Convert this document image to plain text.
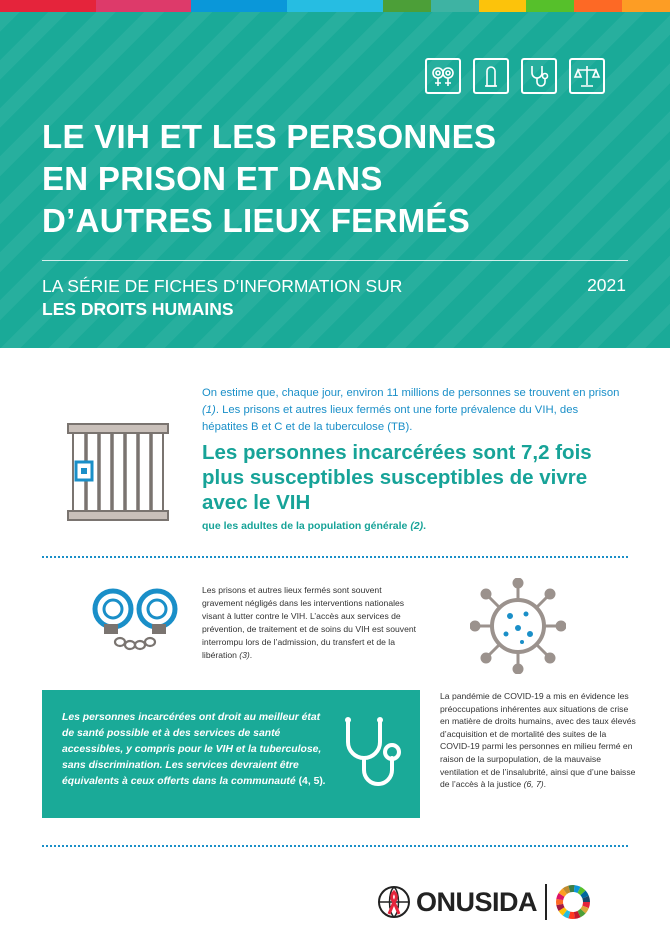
LE VIH ET LES PERSONNES
EN PRISON ET DANS
D’AUTRES LIEUX FERMÉS
LA SÉRIE DE FICHES D’INFORMATION SUR
LES DROITS HUMAINS
2021
On estime que, chaque jour, environ 11 millions de personnes se trouvent en prison (1). Les prisons et autres lieux fermés ont une forte prévalence du VIH, des hépatites B et C et de la tuberculose (TB).
Les personnes incarcérées sont 7,2 fois plus susceptibles susceptibles de vivre avec le VIH
que les adultes de la population générale (2).
Les prisons et autres lieux fermés sont souvent gravement négligés dans les interventions nationales visant à lutter contre le VIH. L’accès aux services de prévention, de traitement et de soins du VIH est souvent interrompu lors de l’admission, du transfert et de la libération (3).
Les personnes incarcérées ont droit au meilleur état de santé possible et à des services de santé accessibles, y compris pour le VIH et la tuberculose, sans discrimination. Les services devraient être équivalents à ceux offerts dans la communauté (4, 5).
La pandémie de COVID-19 a mis en évidence les préoccupations inhérentes aux situations de crise en matière de droits humains, avec des taux élevés d’acquisition et de mortalité des suites de la COVID-19 parmi les personnes en milieu fermé en raison de la surpopulation, de la mauvaise ventilation et de l’insalubrité, ainsi que d’une baisse de l’accès à la justice (6, 7).
ONUSIDA
